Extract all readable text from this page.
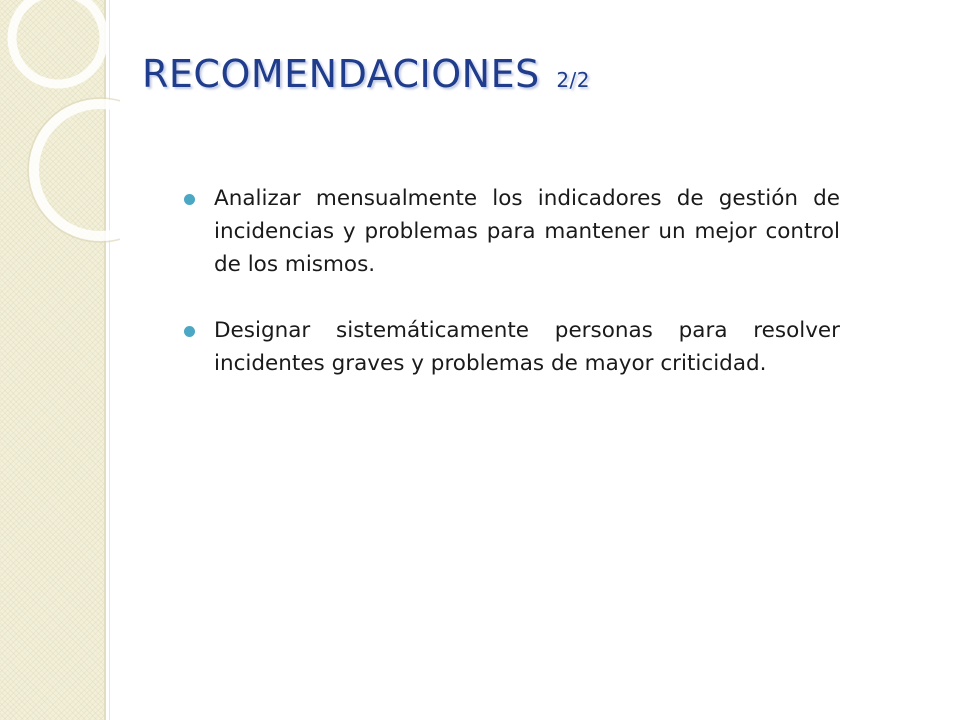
RECOMENDACIONES 2/2
Analizar mensualmente los indicadores de gestión de incidencias y problemas para mantener un mejor control de los mismos.
Designar sistemáticamente personas para resolver incidentes graves y problemas de mayor criticidad.
